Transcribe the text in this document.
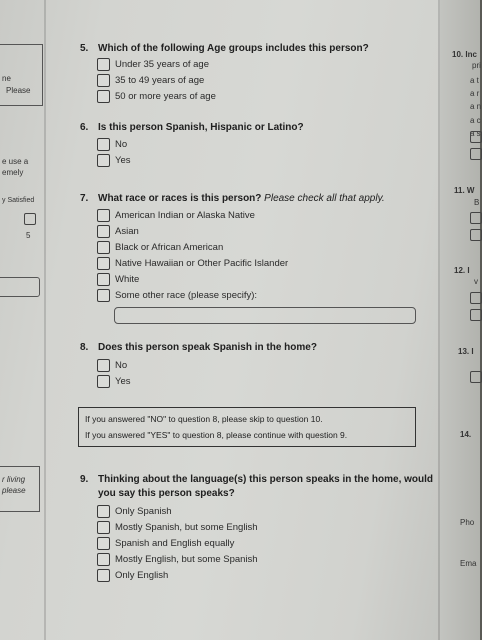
ne
Please
e use a
emely
y Satisfied
5
r living
please
10. Inc
pri
a t
a r
a n
a c
a s
11. W
B
12. I
v
13. I
14.
Pho
Ema
5. Which of the following Age groups includes this person?
Under 35 years of age
35 to 49 years of age
50 or more years of age
6. Is this person Spanish, Hispanic or Latino?
No
Yes
7. What race or races is this person? Please check all that apply.
American Indian or Alaska Native
Asian
Black or African American
Native Hawaiian or Other Pacific Islander
White
Some other race (please specify):
8. Does this person speak Spanish in the home?
No
Yes
If you answered "NO" to question 8, please skip to question 10.
If you answered "YES" to question 8, please continue with question 9.
9. Thinking about the language(s) this person speaks in the home, would
you say this person speaks?
Only Spanish
Mostly Spanish, but some English
Spanish and English equally
Mostly English, but some Spanish
Only English
